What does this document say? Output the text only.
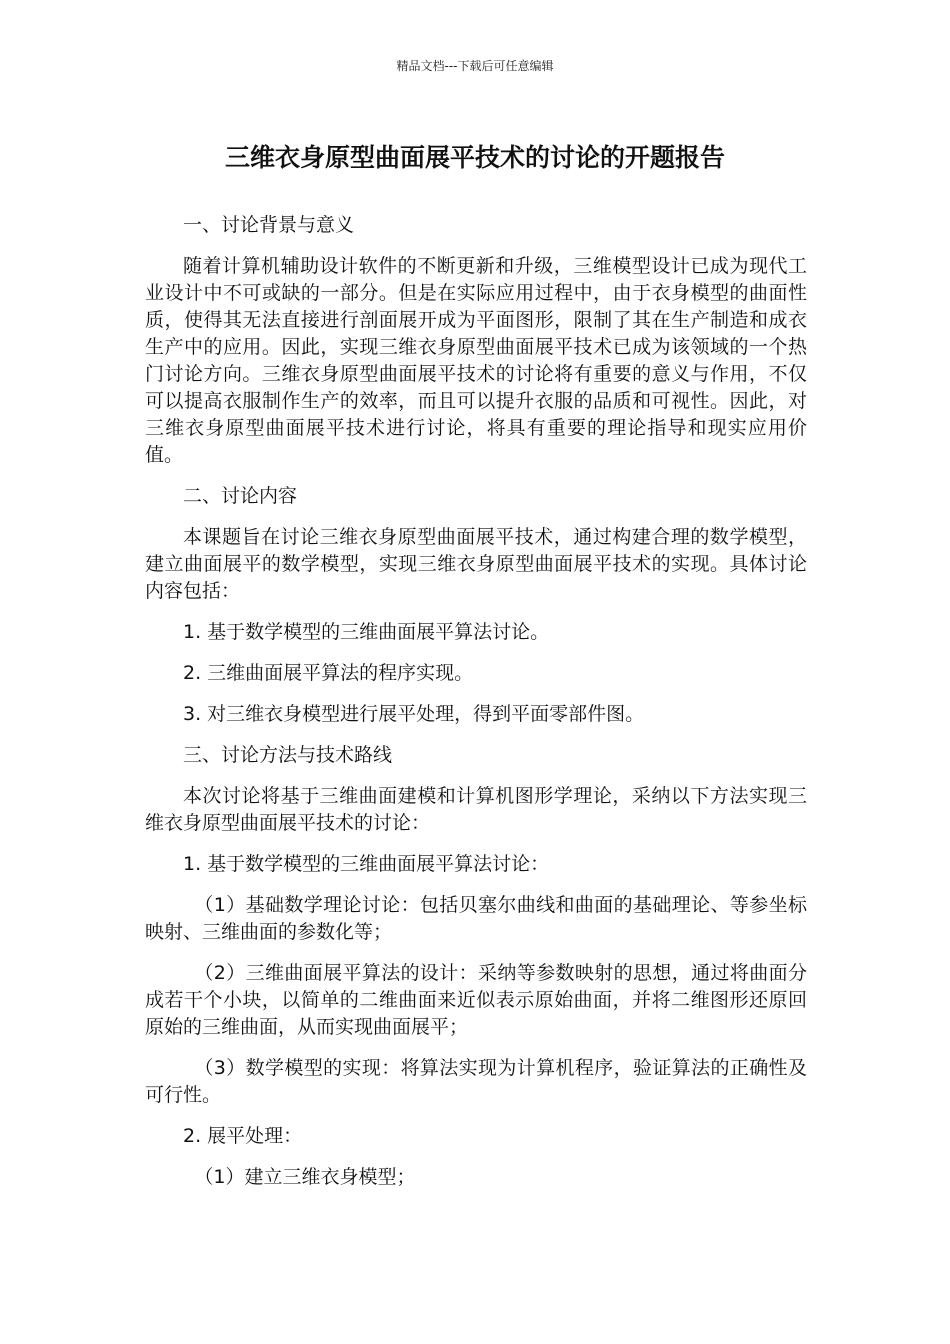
精品文档---下载后可任意编辑
三维衣身原型曲面展平技术的讨论的开题报告
一、讨论背景与意义
随着计算机辅助设计软件的不断更新和升级，三维模型设计已成为现代工业设计中不可或缺的一部分。但是在实际应用过程中，由于衣身模型的曲面性质，使得其无法直接进行剖面展开成为平面图形，限制了其在生产制造和成衣生产中的应用。因此，实现三维衣身原型曲面展平技术已成为该领域的一个热门讨论方向。三维衣身原型曲面展平技术的讨论将有重要的意义与作用，不仅可以提高衣服制作生产的效率，而且可以提升衣服的品质和可视性。因此，对三维衣身原型曲面展平技术进行讨论，将具有重要的理论指导和现实应用价值。
二、讨论内容
本课题旨在讨论三维衣身原型曲面展平技术，通过构建合理的数学模型，建立曲面展平的数学模型，实现三维衣身原型曲面展平技术的实现。具体讨论内容包括：
1. 基于数学模型的三维曲面展平算法讨论。
2. 三维曲面展平算法的程序实现。
3. 对三维衣身模型进行展平处理，得到平面零部件图。
三、讨论方法与技术路线
本次讨论将基于三维曲面建模和计算机图形学理论，采纳以下方法实现三维衣身原型曲面展平技术的讨论：
1. 基于数学模型的三维曲面展平算法讨论：
（1）基础数学理论讨论：包括贝塞尔曲线和曲面的基础理论、等参坐标映射、三维曲面的参数化等；
（2）三维曲面展平算法的设计：采纳等参数映射的思想，通过将曲面分成若干个小块，以简单的二维曲面来近似表示原始曲面，并将二维图形还原回原始的三维曲面，从而实现曲面展平；
（3）数学模型的实现：将算法实现为计算机程序，验证算法的正确性及可行性。
2. 展平处理：
（1）建立三维衣身模型；
